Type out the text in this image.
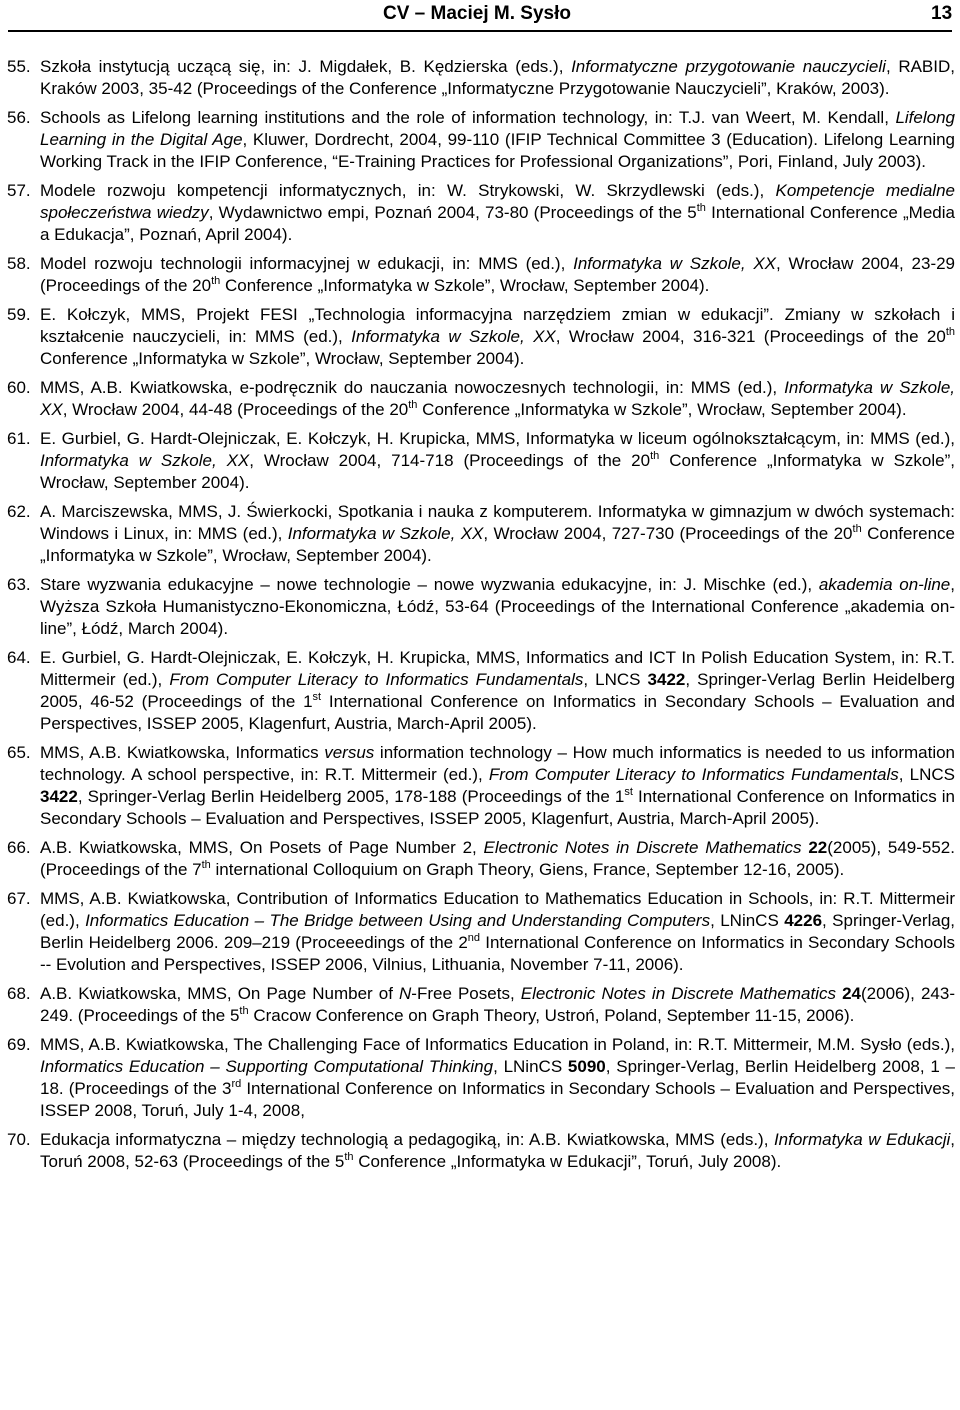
CV – Maciej M. Sysło	13
55. Szkoła instytucją uczącą się, in: J. Migdałek, B. Kędzierska (eds.), Informatyczne przygotowanie nauczycieli, RABID, Kraków 2003, 35-42 (Proceedings of the Conference „Informatyczne Przygotowanie Nauczycieli”, Kraków, 2003).
56. Schools as Lifelong learning institutions and the role of information technology, in: T.J. van Weert, M. Kendall, Lifelong Learning in the Digital Age, Kluwer, Dordrecht, 2004, 99-110 (IFIP Technical Committee 3 (Education). Lifelong Learning Working Track in the IFIP Conference, “E-Training Practices for Professional Organizations”, Pori, Finland, July 2003).
57. Modele rozwoju kompetencji informatycznych, in: W. Strykowski, W. Skrzydlewski (eds.), Kompetencje medialne społeczeństwa wiedzy, Wydawnictwo empi, Poznań 2004, 73-80 (Proceedings of the 5th International Conference „Media a Edukacja”, Poznań, April 2004).
58. Model rozwoju technologii informacyjnej w edukacji, in: MMS (ed.), Informatyka w Szkole, XX, Wrocław 2004, 23-29 (Proceedings of the 20th Conference „Informatyka w Szkole”, Wrocław, September 2004).
59. E. Kołczyk, MMS, Projekt FESI „Technologia informacyjna narzędziem zmian w edukacji”. Zmiany w szkołach i kształcenie nauczycieli, in: MMS (ed.), Informatyka w Szkole, XX, Wrocław 2004, 316-321 (Proceedings of the 20th Conference „Informatyka w Szkole”, Wrocław, September 2004).
60. MMS, A.B. Kwiatkowska, e-podręcznik do nauczania nowoczesnych technologii, in: MMS (ed.), Informatyka w Szkole, XX, Wrocław 2004, 44-48 (Proceedings of the 20th Conference „Informatyka w Szkole”, Wrocław, September 2004).
61. E. Gurbiel, G. Hardt-Olejniczak, E. Kołczyk, H. Krupicka, MMS, Informatyka w liceum ogólnokształcącym, in: MMS (ed.), Informatyka w Szkole, XX, Wrocław 2004, 714-718 (Proceedings of the 20th Conference „Informatyka w Szkole”, Wrocław, September 2004).
62. A. Marciszewska, MMS, J. Świerkocki, Spotkania i nauka z komputerem. Informatyka w gimnazjum w dwóch systemach: Windows i Linux, in: MMS (ed.), Informatyka w Szkole, XX, Wrocław 2004, 727-730 (Proceedings of the 20th Conference „Informatyka w Szkole”, Wrocław, September 2004).
63. Stare wyzwania edukacyjne – nowe technologie – nowe wyzwania edukacyjne, in: J. Mischke (ed.), akademia on-line, Wyższa Szkoła Humanistyczno-Ekonomiczna, Łódź, 53-64 (Proceedings of the International Conference „akademia on-line”, Łódź, March 2004).
64. E. Gurbiel, G. Hardt-Olejniczak, E. Kołczyk, H. Krupicka, MMS, Informatics and ICT In Polish Education System, in: R.T. Mittermeir (ed.), From Computer Literacy to Informatics Fundamentals, LNCS 3422, Springer-Verlag Berlin Heidelberg 2005, 46-52 (Proceedings of the 1st International Conference on Informatics in Secondary Schools – Evaluation and Perspectives, ISSEP 2005, Klagenfurt, Austria, March-April 2005).
65. MMS, A.B. Kwiatkowska, Informatics versus information technology – How much informatics is needed to us information technology. A school perspective, in: R.T. Mittermeir (ed.), From Computer Literacy to Informatics Fundamentals, LNCS 3422, Springer-Verlag Berlin Heidelberg 2005, 178-188 (Proceedings of the 1st International Conference on Informatics in Secondary Schools – Evaluation and Perspectives, ISSEP 2005, Klagenfurt, Austria, March-April 2005).
66. A.B. Kwiatkowska, MMS, On Posets of Page Number 2, Electronic Notes in Discrete Mathematics 22(2005), 549-552. (Proceedings of the 7th international Colloquium on Graph Theory, Giens, France, September 12-16, 2005).
67. MMS, A.B. Kwiatkowska, Contribution of Informatics Education to Mathematics Education in Schools, in: R.T. Mittermeir (ed.), Informatics Education – The Bridge between Using and Understanding Computers, LNinCS 4226, Springer-Verlag, Berlin Heidelberg 2006. 209–219 (Proceeedings of the 2nd International Conference on Informatics in Secondary Schools -- Evolution and Perspectives, ISSEP 2006, Vilnius, Lithuania, November 7-11, 2006).
68. A.B. Kwiatkowska, MMS, On Page Number of N-Free Posets, Electronic Notes in Discrete Mathematics 24(2006), 243-249. (Proceedings of the 5th Cracow Conference on Graph Theory, Ustroń, Poland, September 11-15, 2006).
69. MMS, A.B. Kwiatkowska, The Challenging Face of Informatics Education in Poland, in: R.T. Mittermeir, M.M. Sysło (eds.), Informatics Education – Supporting Computational Thinking, LNinCS 5090, Springer-Verlag, Berlin Heidelberg 2008, 1 – 18. (Proceedings of the 3rd International Conference on Informatics in Secondary Schools – Evaluation and Perspectives, ISSEP 2008, Toruń, July 1-4, 2008,
70. Edukacja informatyczna – między technologią a pedagogiką, in: A.B. Kwiatkowska, MMS (eds.), Informatyka w Edukacji, Toruń 2008, 52-63 (Proceedings of the 5th Conference „Informatyka w Edukacji”, Toruń, July 2008).
